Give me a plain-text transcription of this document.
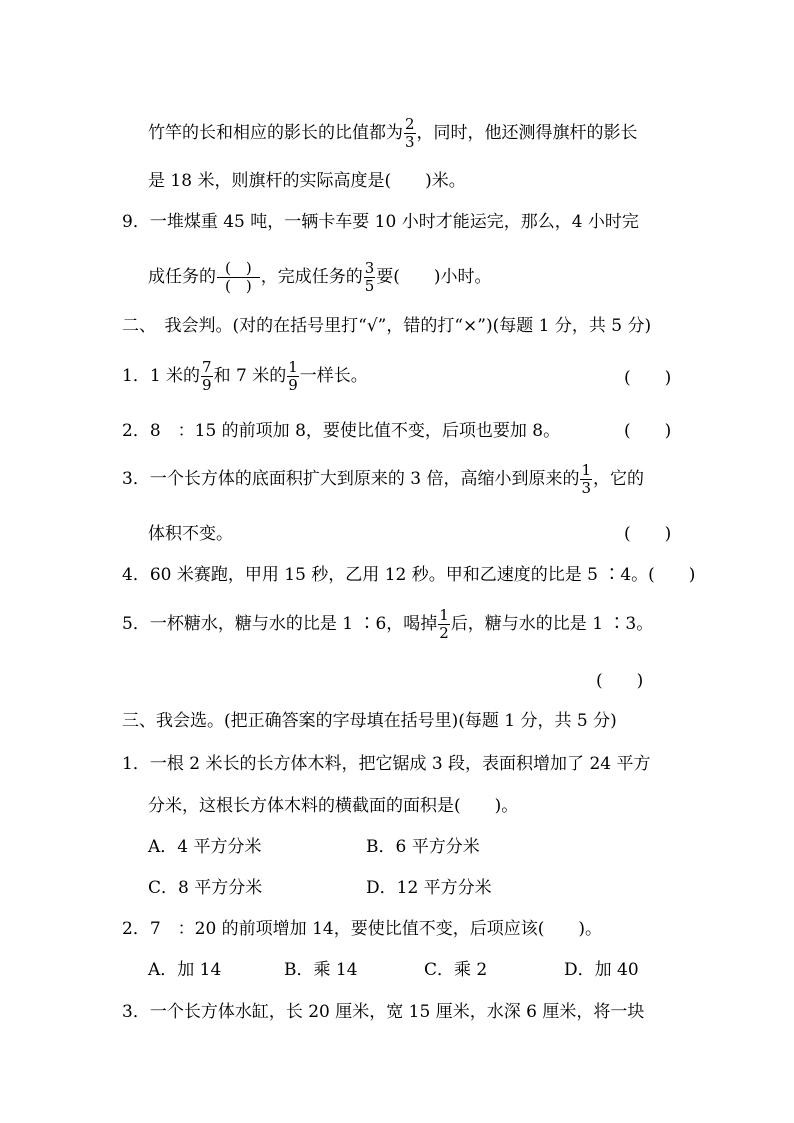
竹竿的长和相应的影长的比值都为 $\frac{2}{3}$ ，同时，他还测得旗杆的影长
是 18 米，则旗杆的实际高度是(　　)米。
9．一堆煤重 45 吨，一辆卡车要 10 小时才能运完，那么，4 小时完
成任务的 $\frac{( )}{( )}$ ，完成任务的 $\frac{3}{5}$ 要(　　)小时。
二、　我会判。(对的在括号里打“√”，错的打“×”)(每题 1 分，共 5 分)
1．1 米的 $\frac{7}{9}$ 和 7 米的 $\frac{1}{9}$ 一样长。	(　　)
2．8　：15 的前项加 8，要使比值不变，后项也要加 8。	(　　)
3．一个长方体的底面积扩大到原来的 3 倍，高缩小到原来的 $\frac{1}{3}$ ，它的
体积不变。	(　　)
4．60 米赛跑，甲用 15 秒，乙用 12 秒。甲和乙速度的比是 5 ∶4。(　　)
5．一杯糖水，糖与水的比是 1 ∶6，喝掉 $\frac{1}{2}$ 后，糖与水的比是 1 ∶3。
(　　)
三、我会选。(把正确答案的字母填在括号里)(每题 1 分，共 5 分)
1．一根 2 米长的长方体木料，把它锯成 3 段，表面积增加了 24 平方
分米，这根长方体木料的横截面的面积是(　　)。
A．4 平方分米	B．6 平方分米
C．8 平方分米	D．12 平方分米
2．7　：20 的前项增加 14，要使比值不变，后项应该(　　)。
A．加 14	B．乘 14	C．乘 2	D．加 40
3．一个长方体水缸，长 20 厘米，宽 15 厘米，水深 6 厘米，将一块
